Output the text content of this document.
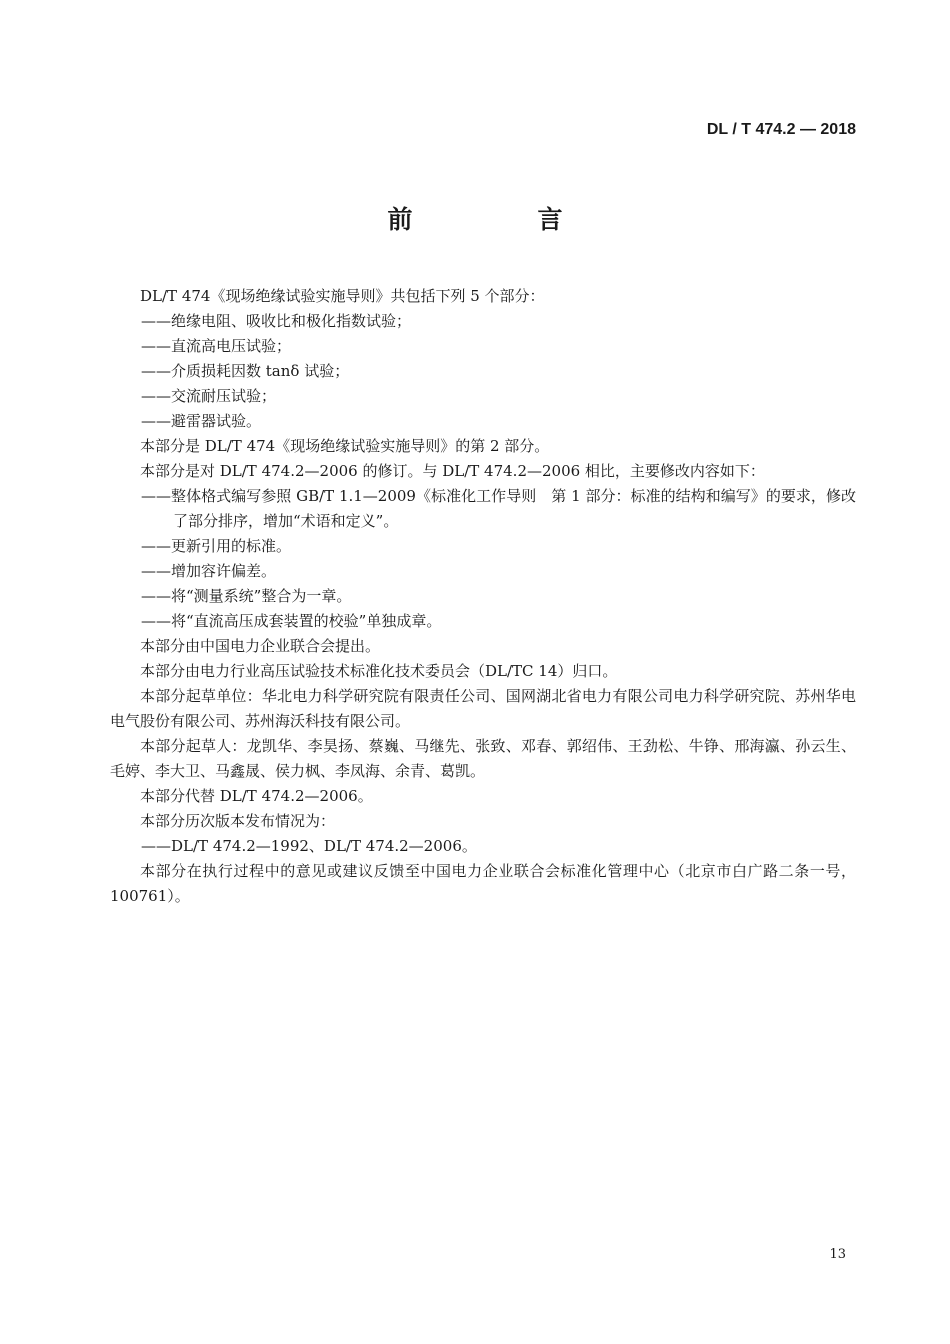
DL / T 474.2 — 2018
前　言

DL/T 474《现场绝缘试验实施导则》共包括下列 5 个部分：

——绝缘电阻、吸收比和极化指数试验；

——直流高电压试验；

——介质损耗因数 tanδ 试验；

——交流耐压试验；

——避雷器试验。

本部分是 DL/T 474《现场绝缘试验实施导则》的第 2 部分。

本部分是对 DL/T 474.2—2006 的修订。与 DL/T 474.2—2006 相比，主要修改内容如下：

——整体格式编写参照 GB/T 1.1—2009《标准化工作导则　第 1 部分：标准的结构和编写》的要求，修改了部分排序，增加“术语和定义”。

——更新引用的标准。

——增加容许偏差。

——将“测量系统”整合为一章。

——将“直流高压成套装置的校验”单独成章。

本部分由中国电力企业联合会提出。

本部分由电力行业高压试验技术标准化技术委员会（DL/TC 14）归口。

本部分起草单位：华北电力科学研究院有限责任公司、国网湖北省电力有限公司电力科学研究院、苏州华电电气股份有限公司、苏州海沃科技有限公司。

本部分起草人：龙凯华、李昊扬、蔡巍、马继先、张致、邓春、郭绍伟、王劲松、牛铮、邢海瀛、孙云生、毛婷、李大卫、马鑫晟、侯力枫、李凤海、余青、葛凯。

本部分代替 DL/T 474.2—2006。

本部分历次版本发布情况为：

——DL/T 474.2—1992、DL/T 474.2—2006。

本部分在执行过程中的意见或建议反馈至中国电力企业联合会标准化管理中心（北京市白广路二条一号，100761）。

13
